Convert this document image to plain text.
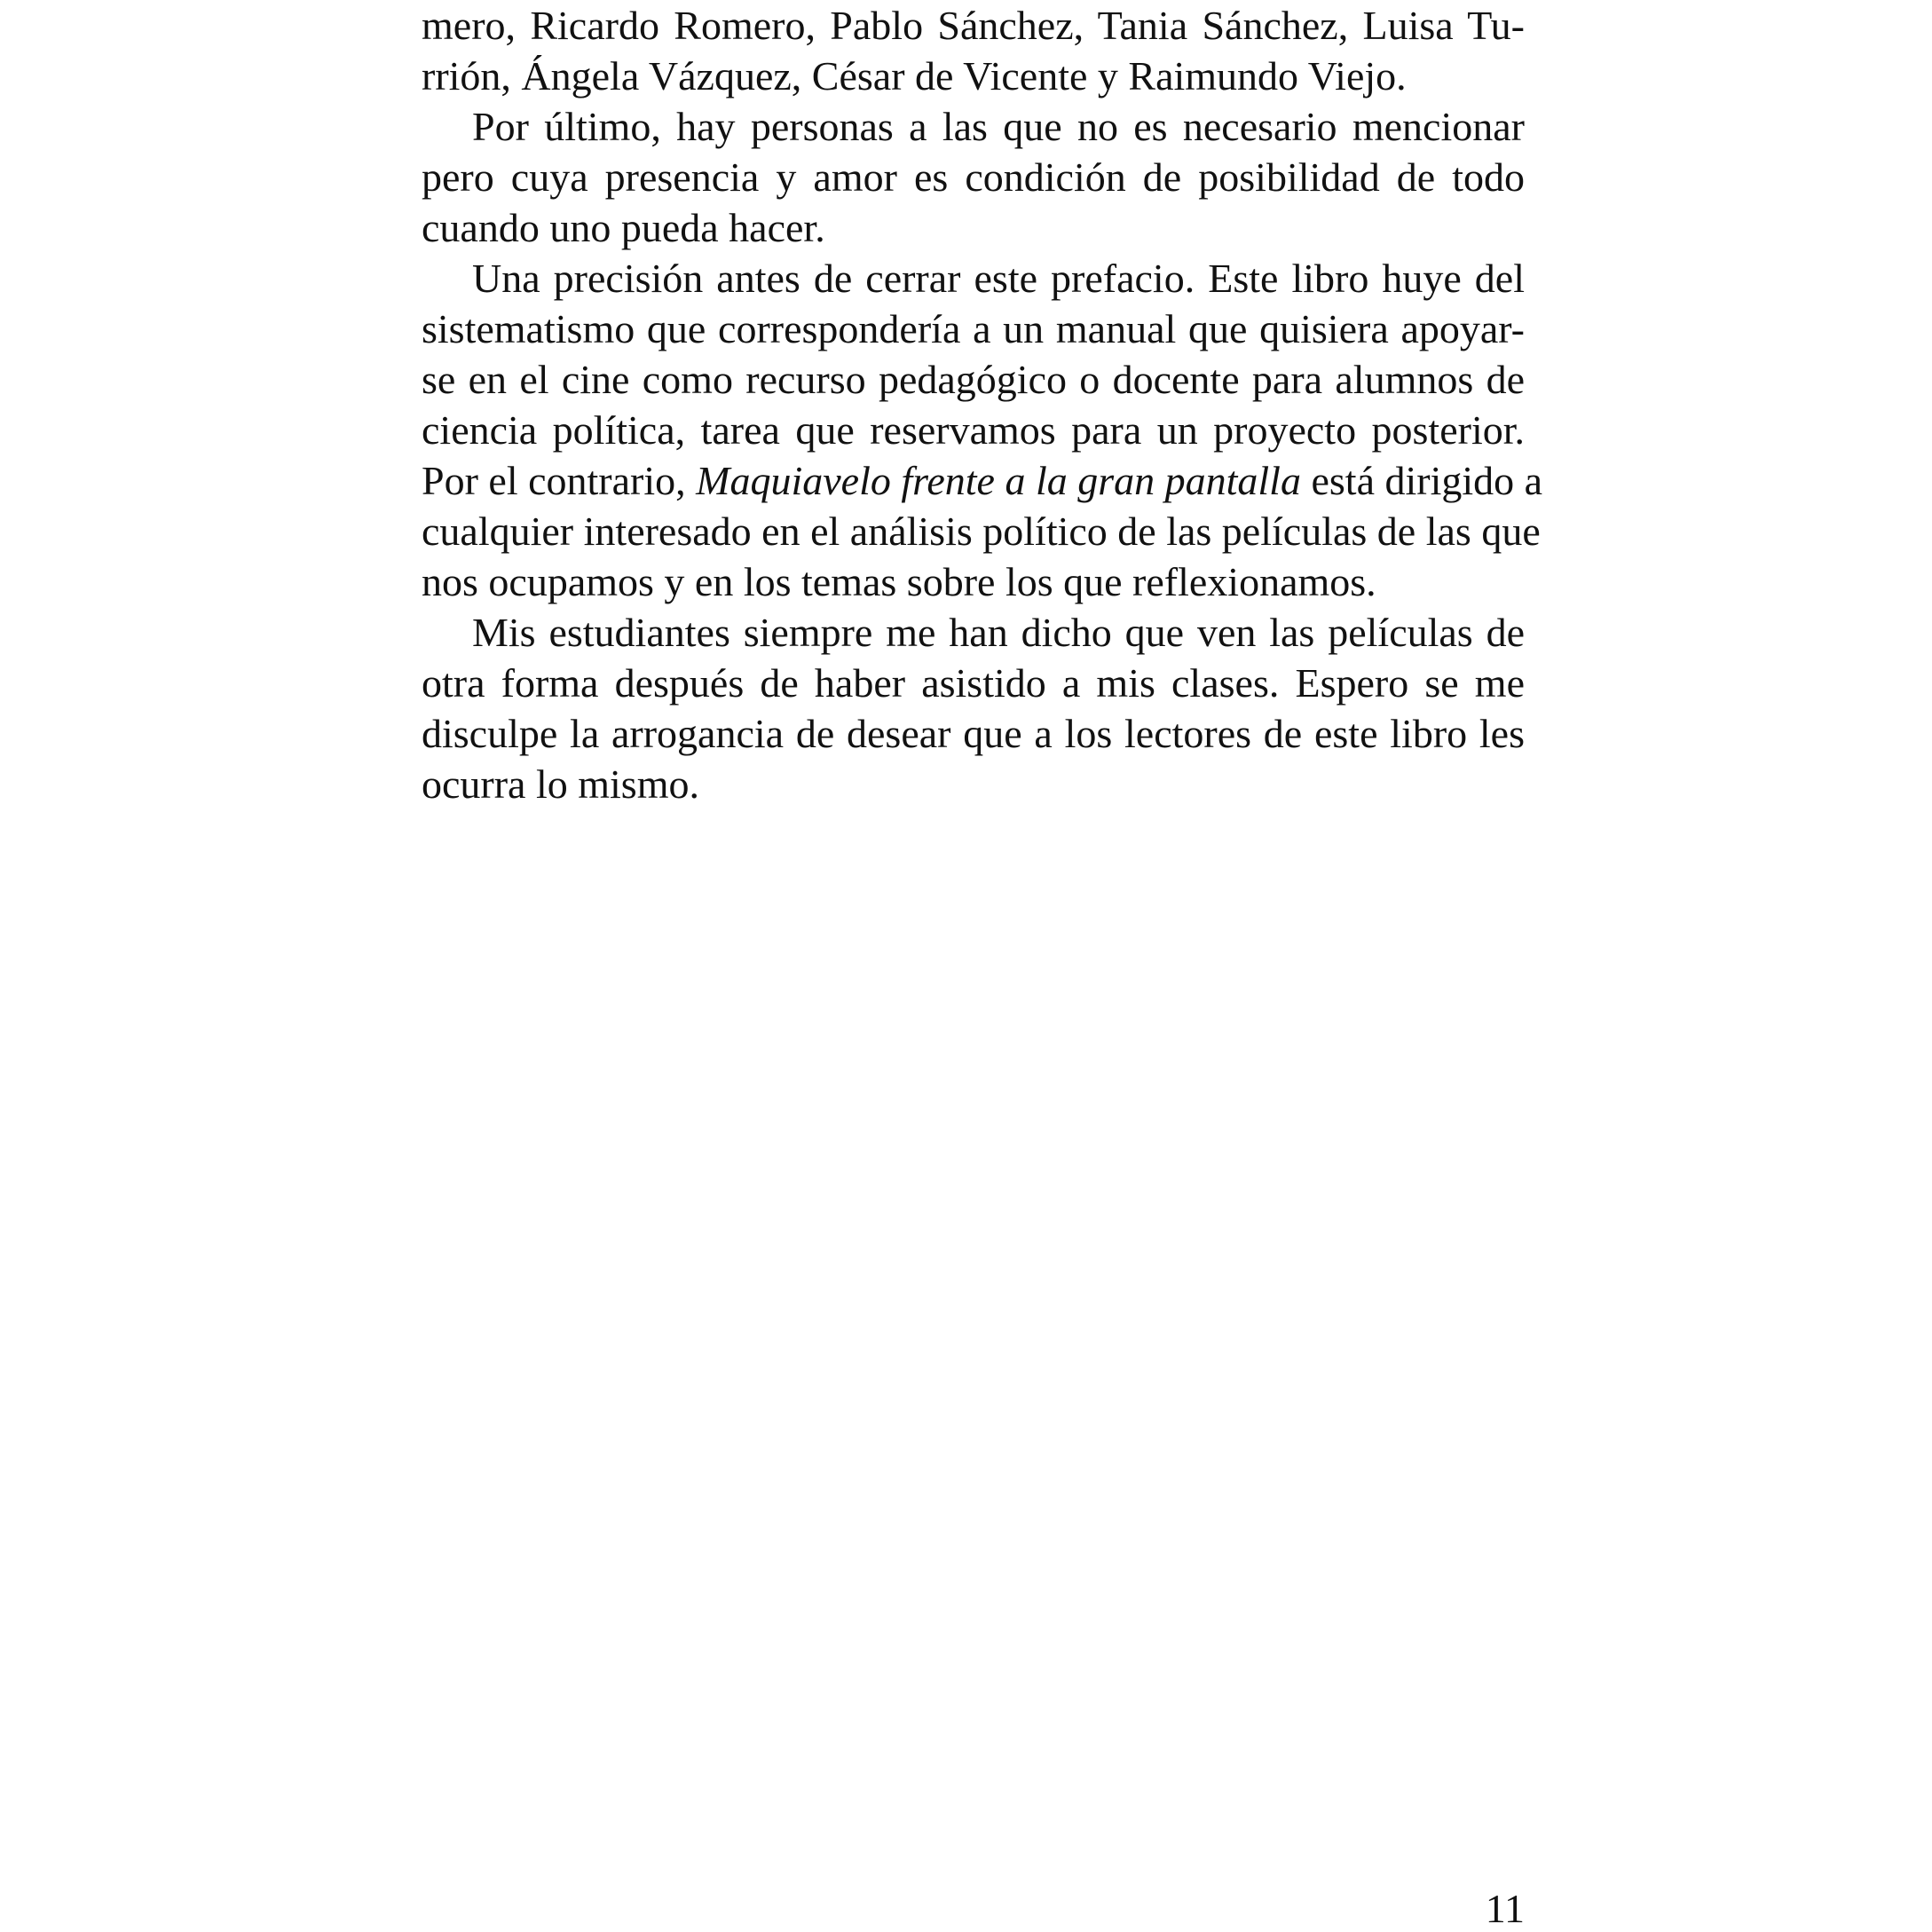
mero, Ricardo Romero, Pablo Sánchez, Tania Sánchez, Luisa Tu-
rrión, Ángela Vázquez, César de Vicente y Raimundo Viejo.
Por último, hay personas a las que no es necesario mencionar
pero cuya presencia y amor es condición de posibilidad de todo
cuando uno pueda hacer.
Una precisión antes de cerrar este prefacio. Este libro huye del
sistematismo que correspondería a un manual que quisiera apoyar-
se en el cine como recurso pedagógico o docente para alumnos de
ciencia política, tarea que reservamos para un proyecto posterior.
Por el contrario, Maquiavelo frente a la gran pantalla está dirigido a
cualquier interesado en el análisis político de las películas de las que
nos ocupamos y en los temas sobre los que reflexionamos.
Mis estudiantes siempre me han dicho que ven las películas de
otra forma después de haber asistido a mis clases. Espero se me
disculpe la arrogancia de desear que a los lectores de este libro les
ocurra lo mismo.
11
